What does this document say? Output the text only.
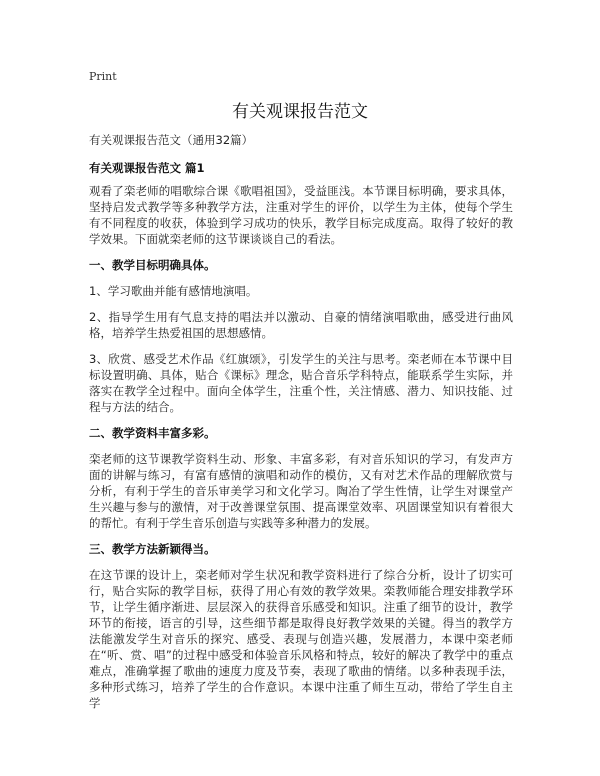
Print
有关观课报告范文

有关观课报告范文（通用32篇）

有关观课报告范文 篇1

观看了栾老师的唱歌综合课《歌唱祖国》，受益匪浅。本节课目标明确，要求具体，坚持启发式教学等多种教学方法，注重对学生的评价，以学生为主体，使每个学生有不同程度的收获，体验到学习成功的快乐，教学目标完成度高。取得了较好的教学效果。下面就栾老师的这节课谈谈自己的看法。

一、教学目标明确具体。

1、学习歌曲并能有感情地演唱。

2、指导学生用有气息支持的唱法并以激动、自豪的情绪演唱歌曲，感受进行曲风格，培养学生热爱祖国的思想感情。

3、欣赏、感受艺术作品《红旗颂》，引发学生的关注与思考。栾老师在本节课中目标设置明确、具体，贴合《课标》理念，贴合音乐学科特点，能联系学生实际，并落实在教学全过程中。面向全体学生，注重个性，关注情感、潜力、知识技能、过程与方法的结合。

二、教学资料丰富多彩。

栾老师的这节课教学资料生动、形象、丰富多彩，有对音乐知识的学习，有发声方面的讲解与练习，有富有感情的演唱和动作的模仿，又有对艺术作品的理解欣赏与分析，有利于学生的音乐审美学习和文化学习。陶冶了学生性情，让学生对课堂产生兴趣与参与的激情，对于改善课堂氛围、提高课堂效率、巩固课堂知识有着很大的帮忙。有利于学生音乐创造与实践等多种潜力的发展。

三、教学方法新颖得当。

在这节课的设计上，栾老师对学生状况和教学资料进行了综合分析，设计了切实可行，贴合实际的教学目标，获得了用心有效的教学效果。栾教师能合理安排教学环节，让学生循序渐进、层层深入的获得音乐感受和知识。注重了细节的设计，教学环节的衔接，语言的引导，这些细节都是取得良好教学效果的关键。得当的教学方法能激发学生对音乐的探究、感受、表现与创造兴趣，发展潜力，本课中栾老师在“听、赏、唱”的过程中感受和体验音乐风格和特点，较好的解决了教学中的重点难点，准确掌握了歌曲的速度力度及节奏，表现了歌曲的情绪。以多种表现手法，多种形式练习，培养了学生的合作意识。本课中注重了师生互动，带给了学生自主学
